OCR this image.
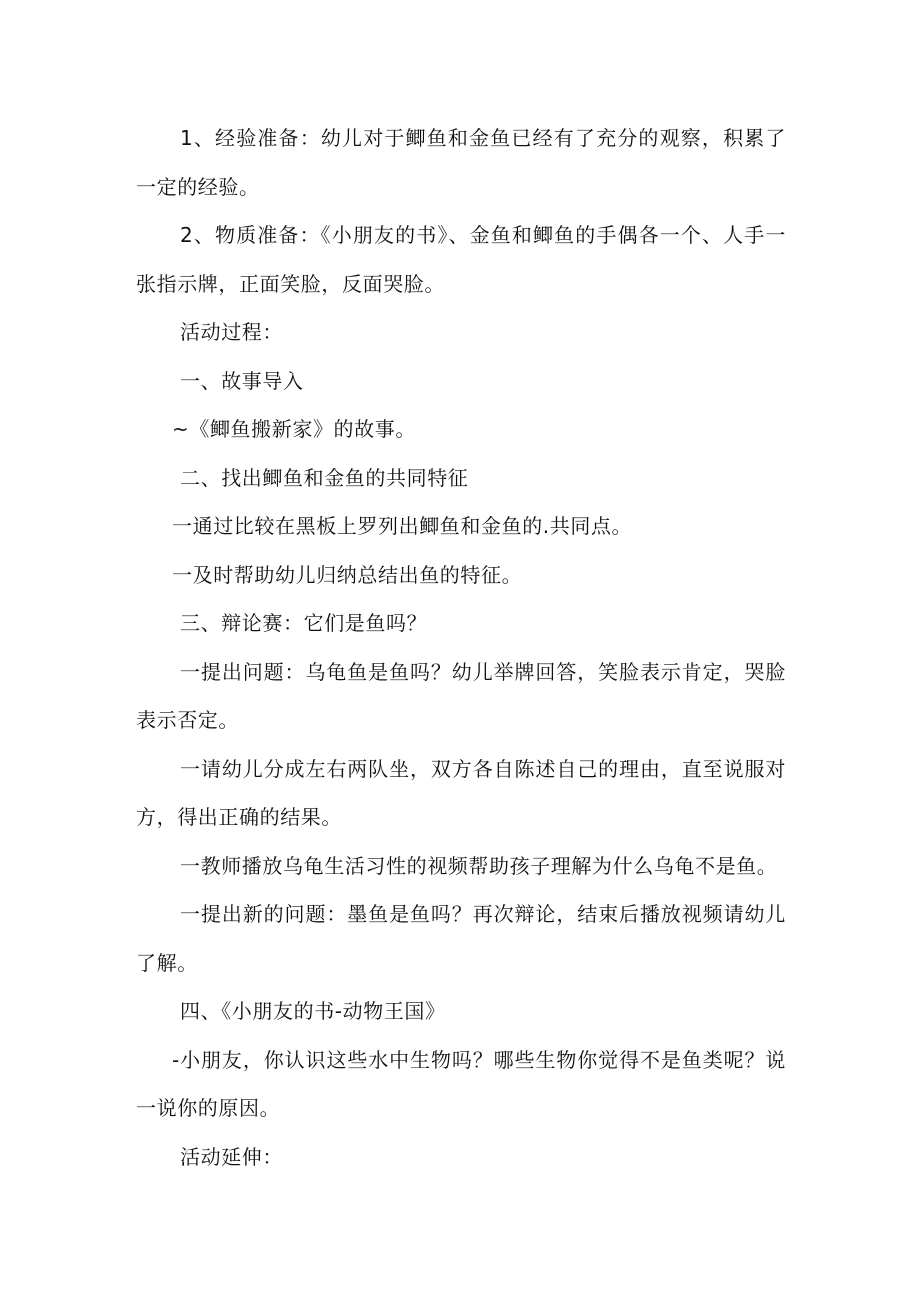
1、经验准备：幼儿对于鲫鱼和金鱼已经有了充分的观察，积累了一定的经验。

2、物质准备：《小朋友的书》、金鱼和鲫鱼的手偶各一个、人手一张指示牌，正面笑脸，反面哭脸。

活动过程：

一、故事导入

~《鲫鱼搬新家》的故事。

二、找出鲫鱼和金鱼的共同特征

一通过比较在黑板上罗列出鲫鱼和金鱼的.共同点。

一及时帮助幼儿归纳总结出鱼的特征。

三、辩论赛：它们是鱼吗？

一提出问题：乌龟鱼是鱼吗？幼儿举牌回答，笑脸表示肯定，哭脸表示否定。

一请幼儿分成左右两队坐，双方各自陈述自己的理由，直至说服对方，得出正确的结果。

一教师播放乌龟生活习性的视频帮助孩子理解为什么乌龟不是鱼。

一提出新的问题：墨鱼是鱼吗？再次辩论，结束后播放视频请幼儿了解。

四、《小朋友的书-动物王国》

-小朋友，你认识这些水中生物吗？哪些生物你觉得不是鱼类呢？说一说你的原因。

活动延伸：
